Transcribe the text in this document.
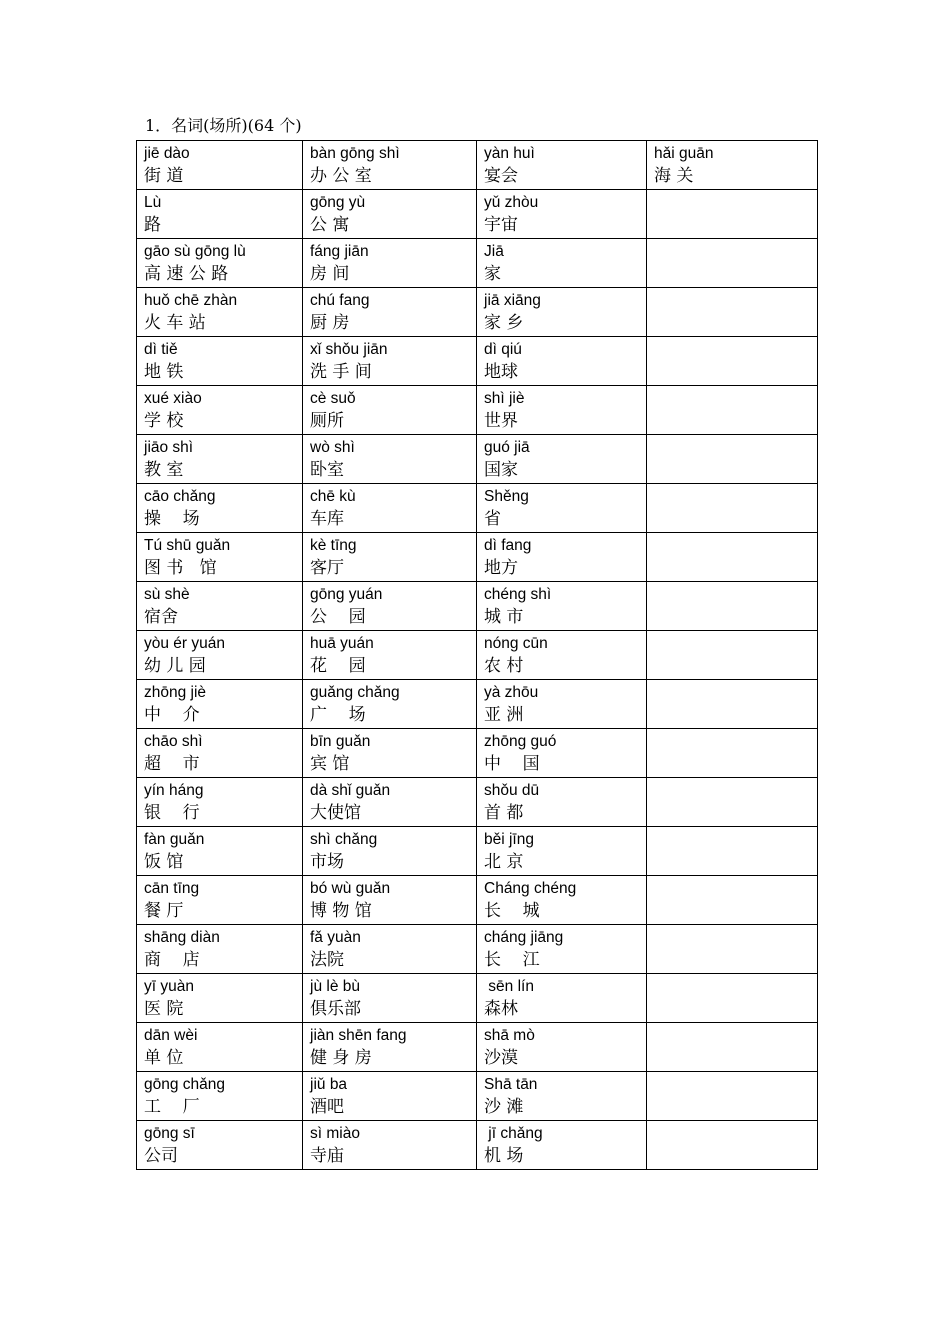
1．名词(场所)(64 个)
jiē dào
街 道	bàn gōng shì
办 公 室	yàn huì
宴会	hǎi guān
海 关

Lù
路	gōng yù
公 寓	yǔ zhòu
宇宙	

gāo sù gōng lù
高 速 公 路	fáng jiān
房 间	Jiā
家	

huǒ chē zhàn
火 车 站	chú fang
厨 房	jiā xiāng
家 乡	

dì tiě
地 铁	xǐ shǒu jiān
洗 手 间	dì qiú
地球	

xué xiào
学 校	cè suǒ
厕所	shì jiè
世界	

jiāo shì
教 室	wò shì
卧室	guó jiā
国家	

cāo chǎng
操    场	chē kù
车库	Shěng
省	

Tú shū guǎn
图 书   馆	kè tīng
客厅	dì fang
地方	

sù shè
宿舍	gōng yuán
公    园	chéng shì
城 市	

yòu ér yuán
幼 儿 园	huā yuán
花    园	nóng cūn
农 村	

zhōng jiè
中    介	guǎng chǎng
广    场	yà zhōu
亚 洲	

chāo shì
超    市	bīn guǎn
宾 馆	zhōng guó
中    国	

yín háng
银    行	dà shǐ guǎn
大使馆	shǒu dū
首 都	

fàn guǎn
饭 馆	shì chǎng
市场	běi jīng
北 京	

cān tīng
餐 厅	bó wù guǎn
博 物 馆	Cháng chéng
长    城	

shāng diàn
商    店	fǎ yuàn
法院	cháng jiāng
长    江	

yī yuàn
医 院	jù lè bù
俱乐部	sēn lín
森林	

dān wèi
单 位	jiàn shēn fang
健 身 房	shā mò
沙漠	

gōng chǎng
工    厂	jiǔ ba
酒吧	Shā tān
沙 滩	

gōng sī
公司	sì miào
寺庙	jī chǎng
机 场	
